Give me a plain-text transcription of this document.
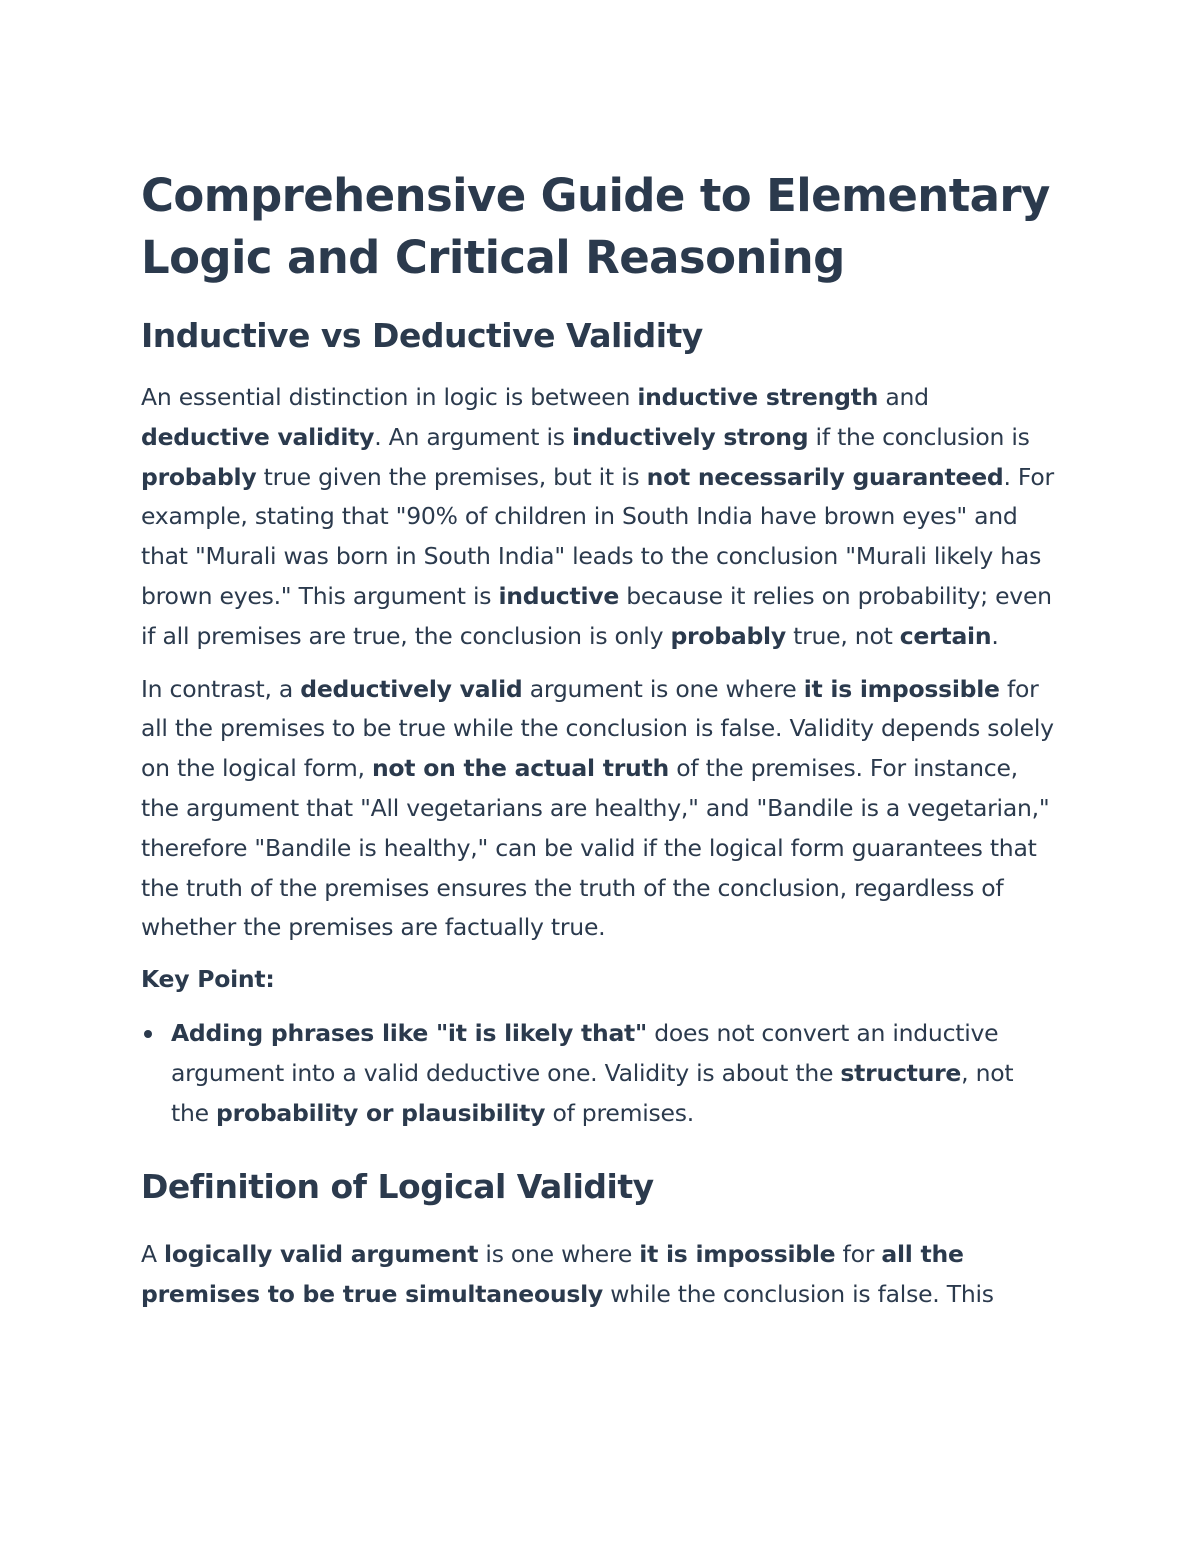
Comprehensive Guide to Elementary Logic and Critical Reasoning
Inductive vs Deductive Validity

An essential distinction in logic is between inductive strength and deductive validity. An argument is inductively strong if the conclusion is probably true given the premises, but it is not necessarily guaranteed. For example, stating that "90% of children in South India have brown eyes" and that "Murali was born in South India" leads to the conclusion "Murali likely has brown eyes." This argument is inductive because it relies on probability; even if all premises are true, the conclusion is only probably true, not certain.

In contrast, a deductively valid argument is one where it is impossible for all the premises to be true while the conclusion is false. Validity depends solely on the logical form, not on the actual truth of the premises. For instance, the argument that "All vegetarians are healthy," and "Bandile is a vegetarian," therefore "Bandile is healthy," can be valid if the logical form guarantees that the truth of the premises ensures the truth of the conclusion, regardless of whether the premises are factually true.

Key Point:

Adding phrases like "it is likely that" does not convert an inductive argument into a valid deductive one. Validity is about the structure, not the probability or plausibility of premises.
Definition of Logical Validity

A logically valid argument is one where it is impossible for all the premises to be true simultaneously while the conclusion is false. This
